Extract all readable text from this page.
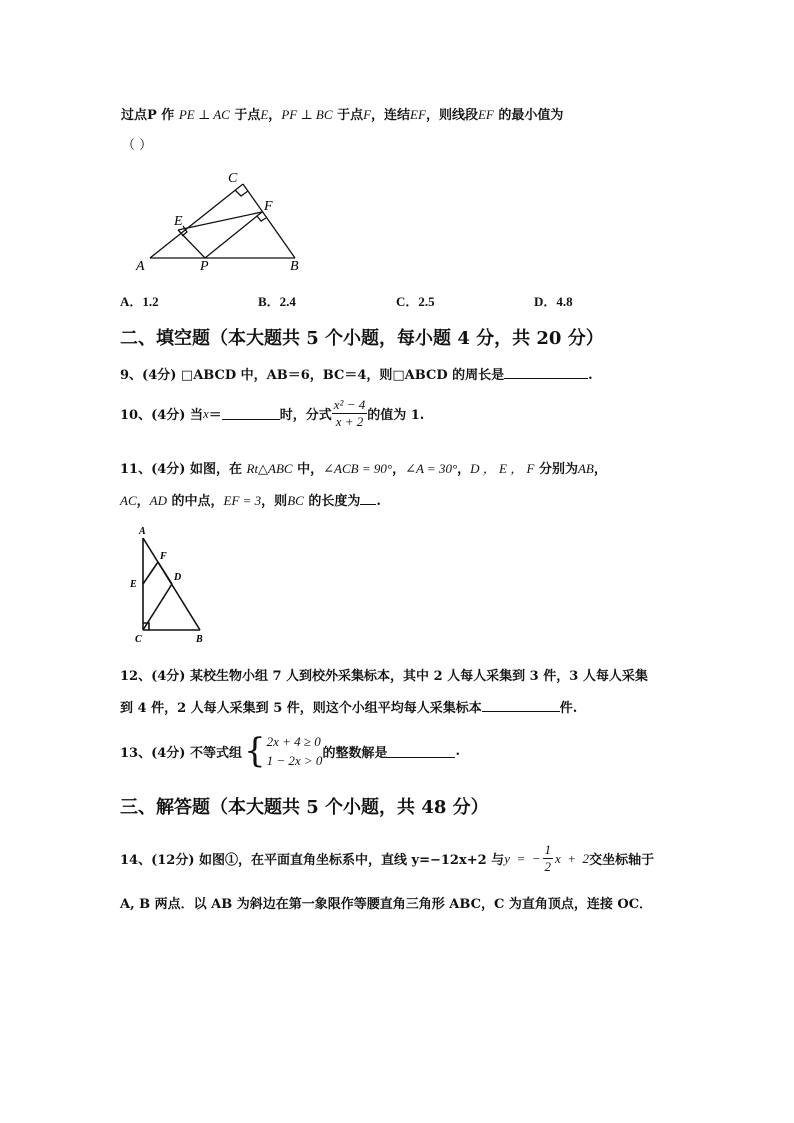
过点P 作 PE ⊥ AC 于点E，PF ⊥ BC 于点F，连结EF，则线段EF 的最小值为
（ ）
A	B
C
E
F
P
A．1.2	B．2.4	C．2.5	D．4.8
二、填空题（本大题共 5 个小题，每小题 4 分，共 20 分）
9、(4分) □ABCD 中，AB＝6，BC＝4，则□ABCD 的周长是	.
10、(4分) 当 x ＝	时，分式 $\frac{\text{x² − 4}}{x + 2}$ 的值为 1.
11、(4分) 如图，在 Rt△ABC 中，∠ACB = 90°，∠A = 30°，D ， E ， F 分别为AB，
AC，AD 的中点，EF = 3，则BC 的长度为 .
A
B
C
D
E
F
12、(4分) 某校生物小组 7 人到校外采集标本，其中 2 人每人采集到 3 件，3 人每人采集
到 4 件，2 人每人采集到 5 件，则这个小组平均每人采集标本	件.
13、(4分) 不等式组 { 2x + 4 ≥ 0
1 − 2x > 0 的整数解是	.
三、解答题（本大题共 5 个小题，共 48 分）
14、(12分) 如图①，在平面直角坐标系中，直线 y=−12x+2 与 y  =  − $\frac{1}{2}$ x  +  2 交坐标轴于
A, B 两点．以 AB 为斜边在第一象限作等腰直角三角形 ABC，C 为直角顶点，连接 OC．
